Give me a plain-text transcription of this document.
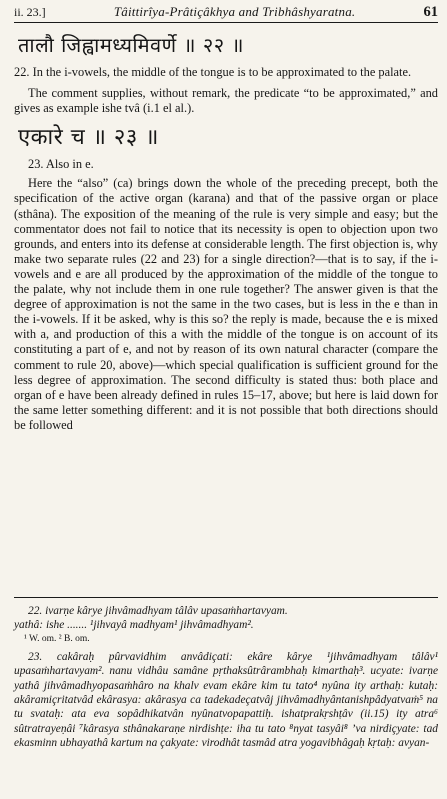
ii. 23.]	Tâittirîya-Prâtiçâkhya and Tribhâshyaratna.	61
तालौ जिह्वामध्यमिवर्णे ॥ २२ ॥

22. In the i-vowels, the middle of the tongue is to be approximated to the palate.

The comment supplies, without remark, the predicate “to be approximated,” and gives as example ishe tvâ (i.1 el al.).

एकारे च ॥ २३ ॥

23. Also in e.

Here the “also” (ca) brings down the whole of the preceding precept, both the specification of the active organ (karana) and that of the passive organ or place (sthâna). The exposition of the meaning of the rule is very simple and easy; but the commentator does not fail to notice that its necessity is open to objection upon two grounds, and enters into its defense at considerable length. The first objection is, why make two separate rules (22 and 23) for a single direction?—that is to say, if the i-vowels and e are all produced by the approximation of the middle of the tongue to the palate, why not include them in one rule together? The answer given is that the degree of approximation is not the same in the two cases, but is less in the e than in the i-vowels. If it be asked, why is this so? the reply is made, because the e is mixed with a, and production of this a with the middle of the tongue is on account of its constituting a part of e, and not by reason of its own natural character (compare the comment to rule 20, above)—which special qualification is sufficient ground for the less degree of approximation. The second difficulty is stated thus: both place and organ of e have been already defined in rules 15–17, above; but here is laid down for the same letter something different: and it is not possible that both directions should be followed

22. ivarṇe kârye jihvâmadhyam tâlâv upasaṁhartavyam.

yathâ: ishe ....... ¹jihvayâ madhyam¹ jihvâmadhyam².

¹ W. om. ² B. om.

23. cakâraḥ pûrvavidhim anvâdiçati: ekâre kârye ¹jihvâmadhyam tâlâv¹ upasaṁhartavyam². nanu vidhâu samâne pṛthaksûtrârambhaḥ kimarthaḥ³. ucyate: ivarṇe yathâ jihvâmadhyopasaṁhâro na khalv evam ekâre kim tu tato⁴ nyûna ity arthaḥ: kutaḥ: akâramiçritatvâd ekârasya: akârasya ca tadekadeçatvâj jihvâmadhyântanishpâdyatvaṁ⁵ na tu svataḥ: ata eva sopâdhikatvân nyûnatvopapattiḥ. ishatprakṛshṭâv (ii.15) ity atra⁶ sûtratrayeṇâi ⁷kârasya sthânakaraṇe nirdishṭe: iha tu tato ⁸nyat tasyâi⁸ ’va nirdiçyate: tad ekasminn ubhayathâ kartum na çakyate: virodhât tasmâd atra yogavibhâgaḥ kṛtaḥ: avyan-
